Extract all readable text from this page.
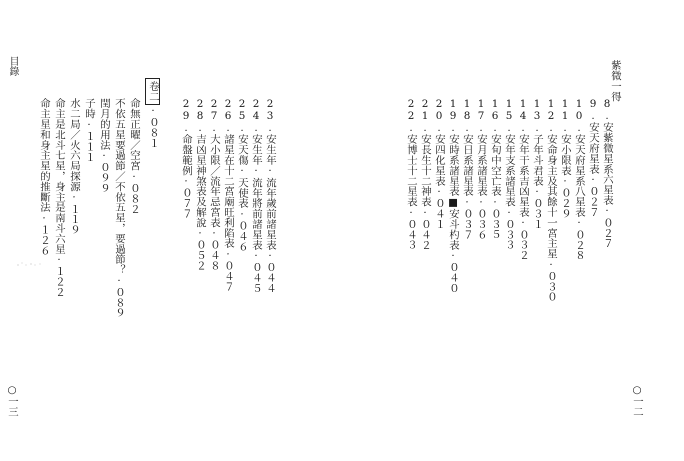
紫微一得
8.安紫微星系六星表·０２７
9.安天府星表·０２７
10.安天府星系八星表·０２８
11.安小限表·０２９
12.安命身主及其餘十一宮主星·０３０
13.子年斗君表·０３１
14.安年干系吉凶星表·０３２
15.安年支系諸星表·０３３
16.安旬中空亡表·０３５
17.安月系諸星表·０３６
18.安日系諸星表·０３７
19.安時系諸星表■安斗杓表·０４０
20.安四化星表·０４１
21.安長生十二神表·０４２
22.安博士十二星表·０４３
○一二
23.安生年·流年歲前諸星表·０４４
24.安生年·流年將前諸星表·０４５
25.安天傷·天使表·０４６
26.諸星在十二宮廟旺利陷表·０４７
27.大小限／流年忌宮表·０４８
28.吉凶星神煞表及解說·０５２
29.命盤範例·０７７
卷二·０８１
命無正曜／空宮·０８２
不依五星要過節／不依五星，要過節？·０８９
閏月的用法·０９９
子時·１１１
水二局／火六局探源·１１９
命主是北斗七星，身主是南斗六星·１２２
命主星和身主星的推斷法·１２６
目錄
○一三
